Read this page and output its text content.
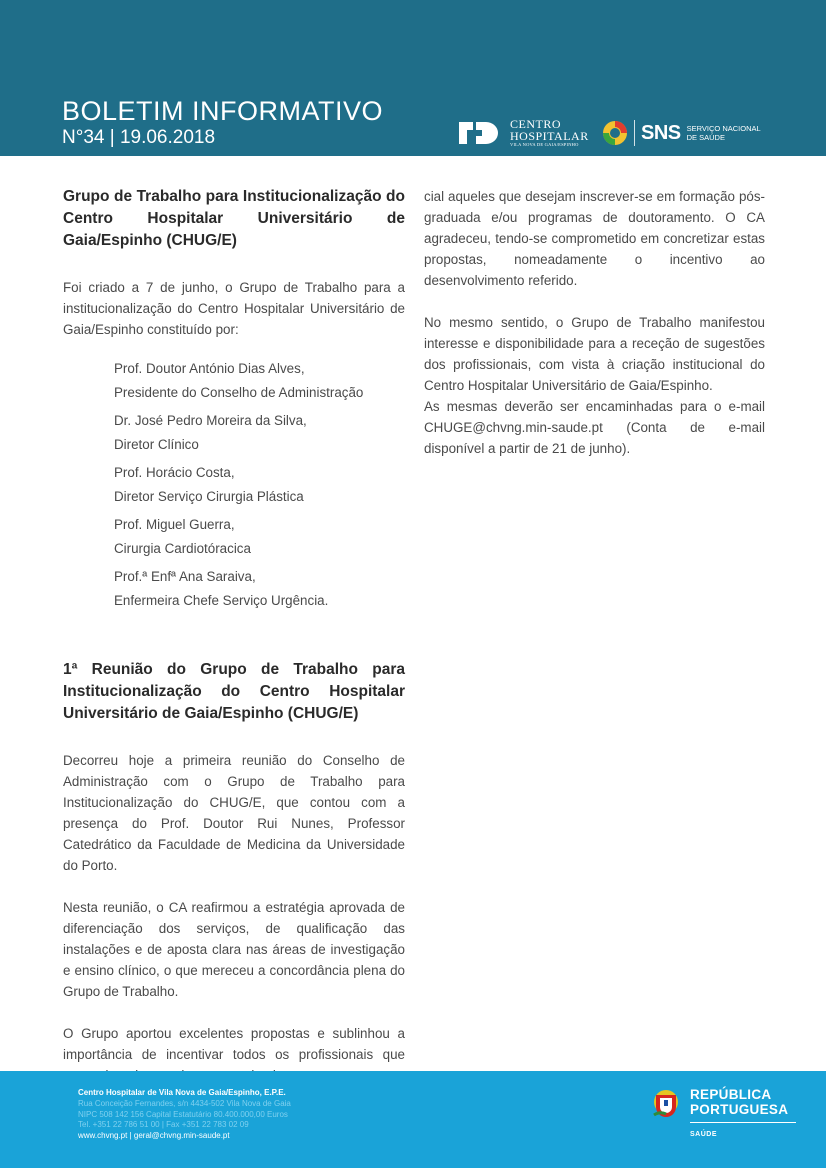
BOLETIM INFORMATIVO
N°34 | 19.06.2018
CENTRO
HOSPITALAR
VILA NOVA DE GAIA/ESPINHO
SNS SERVIÇO NACIONAL
DE SAÚDE
Grupo de Trabalho para Institucionalização do Centro Hospitalar Universitário de Gaia/Espinho (CHUG/E)

Foi criado a 7 de junho, o Grupo de Trabalho para a institucionalização do Centro Hospitalar Universitário de Gaia/Espinho constituído por:

Prof. Doutor António Dias Alves,
Presidente do Conselho de Administração
Dr. José Pedro Moreira da Silva,
Diretor Clínico
Prof. Horácio Costa,
Diretor Serviço Cirurgia Plástica
Prof. Miguel Guerra,
Cirurgia Cardiotóracica
Prof.ª Enfª Ana Saraiva,
Enfermeira Chefe Serviço Urgência.
1ª Reunião do Grupo de Trabalho para Institucionalização do Centro Hospitalar Universitário de Gaia/Espinho (CHUG/E)

Decorreu hoje a primeira reunião do Conselho de Administração com o Grupo de Trabalho para Institucionalização do CHUG/E, que contou com a presença do Prof. Doutor Rui Nunes, Professor Catedrático da Faculdade de Medicina da Universidade do Porto.

Nesta reunião, o CA reafirmou a estratégia aprovada de diferenciação dos serviços, de qualificação das instalações e de aposta clara nas áreas de investigação e ensino clínico, o que mereceu a concordância plena do Grupo de Trabalho.

O Grupo aportou excelentes propostas e sublinhou a importância de incentivar todos os profissionais que

cial aqueles que desejam inscrever-se em formação pós-graduada e/ou programas de doutoramento. O CA agradeceu, tendo-se comprometido em concretizar estas propostas, nomeadamente o incentivo ao desenvolvimento referido.

No mesmo sentido, o Grupo de Trabalho manifestou interesse e disponibilidade para a receção de sugestões dos profissionais, com vista à criação institucional do Centro Hospitalar Universitário de Gaia/Espinho.

As mesmas deverão ser encaminhadas para o e-mail CHUGE@chvng.min-saude.pt (Conta de e-mail disponível a partir de 21 de junho).

Centro Hospitalar de Vila Nova de Gaia/Espinho, E.P.E.
Rua Conceição Fernandes, s/n 4434-502 Vila Nova de Gaia
NIPC 508 142 156 Capital Estatutário 80.400.000,00 Euros
Tel. +351 22 786 51 00 | Fax +351 22 783 02 09
www.chvng.pt | geral@chvng.min-saude.pt
REPÚBLICA
PORTUGUESA
SAÚDE
